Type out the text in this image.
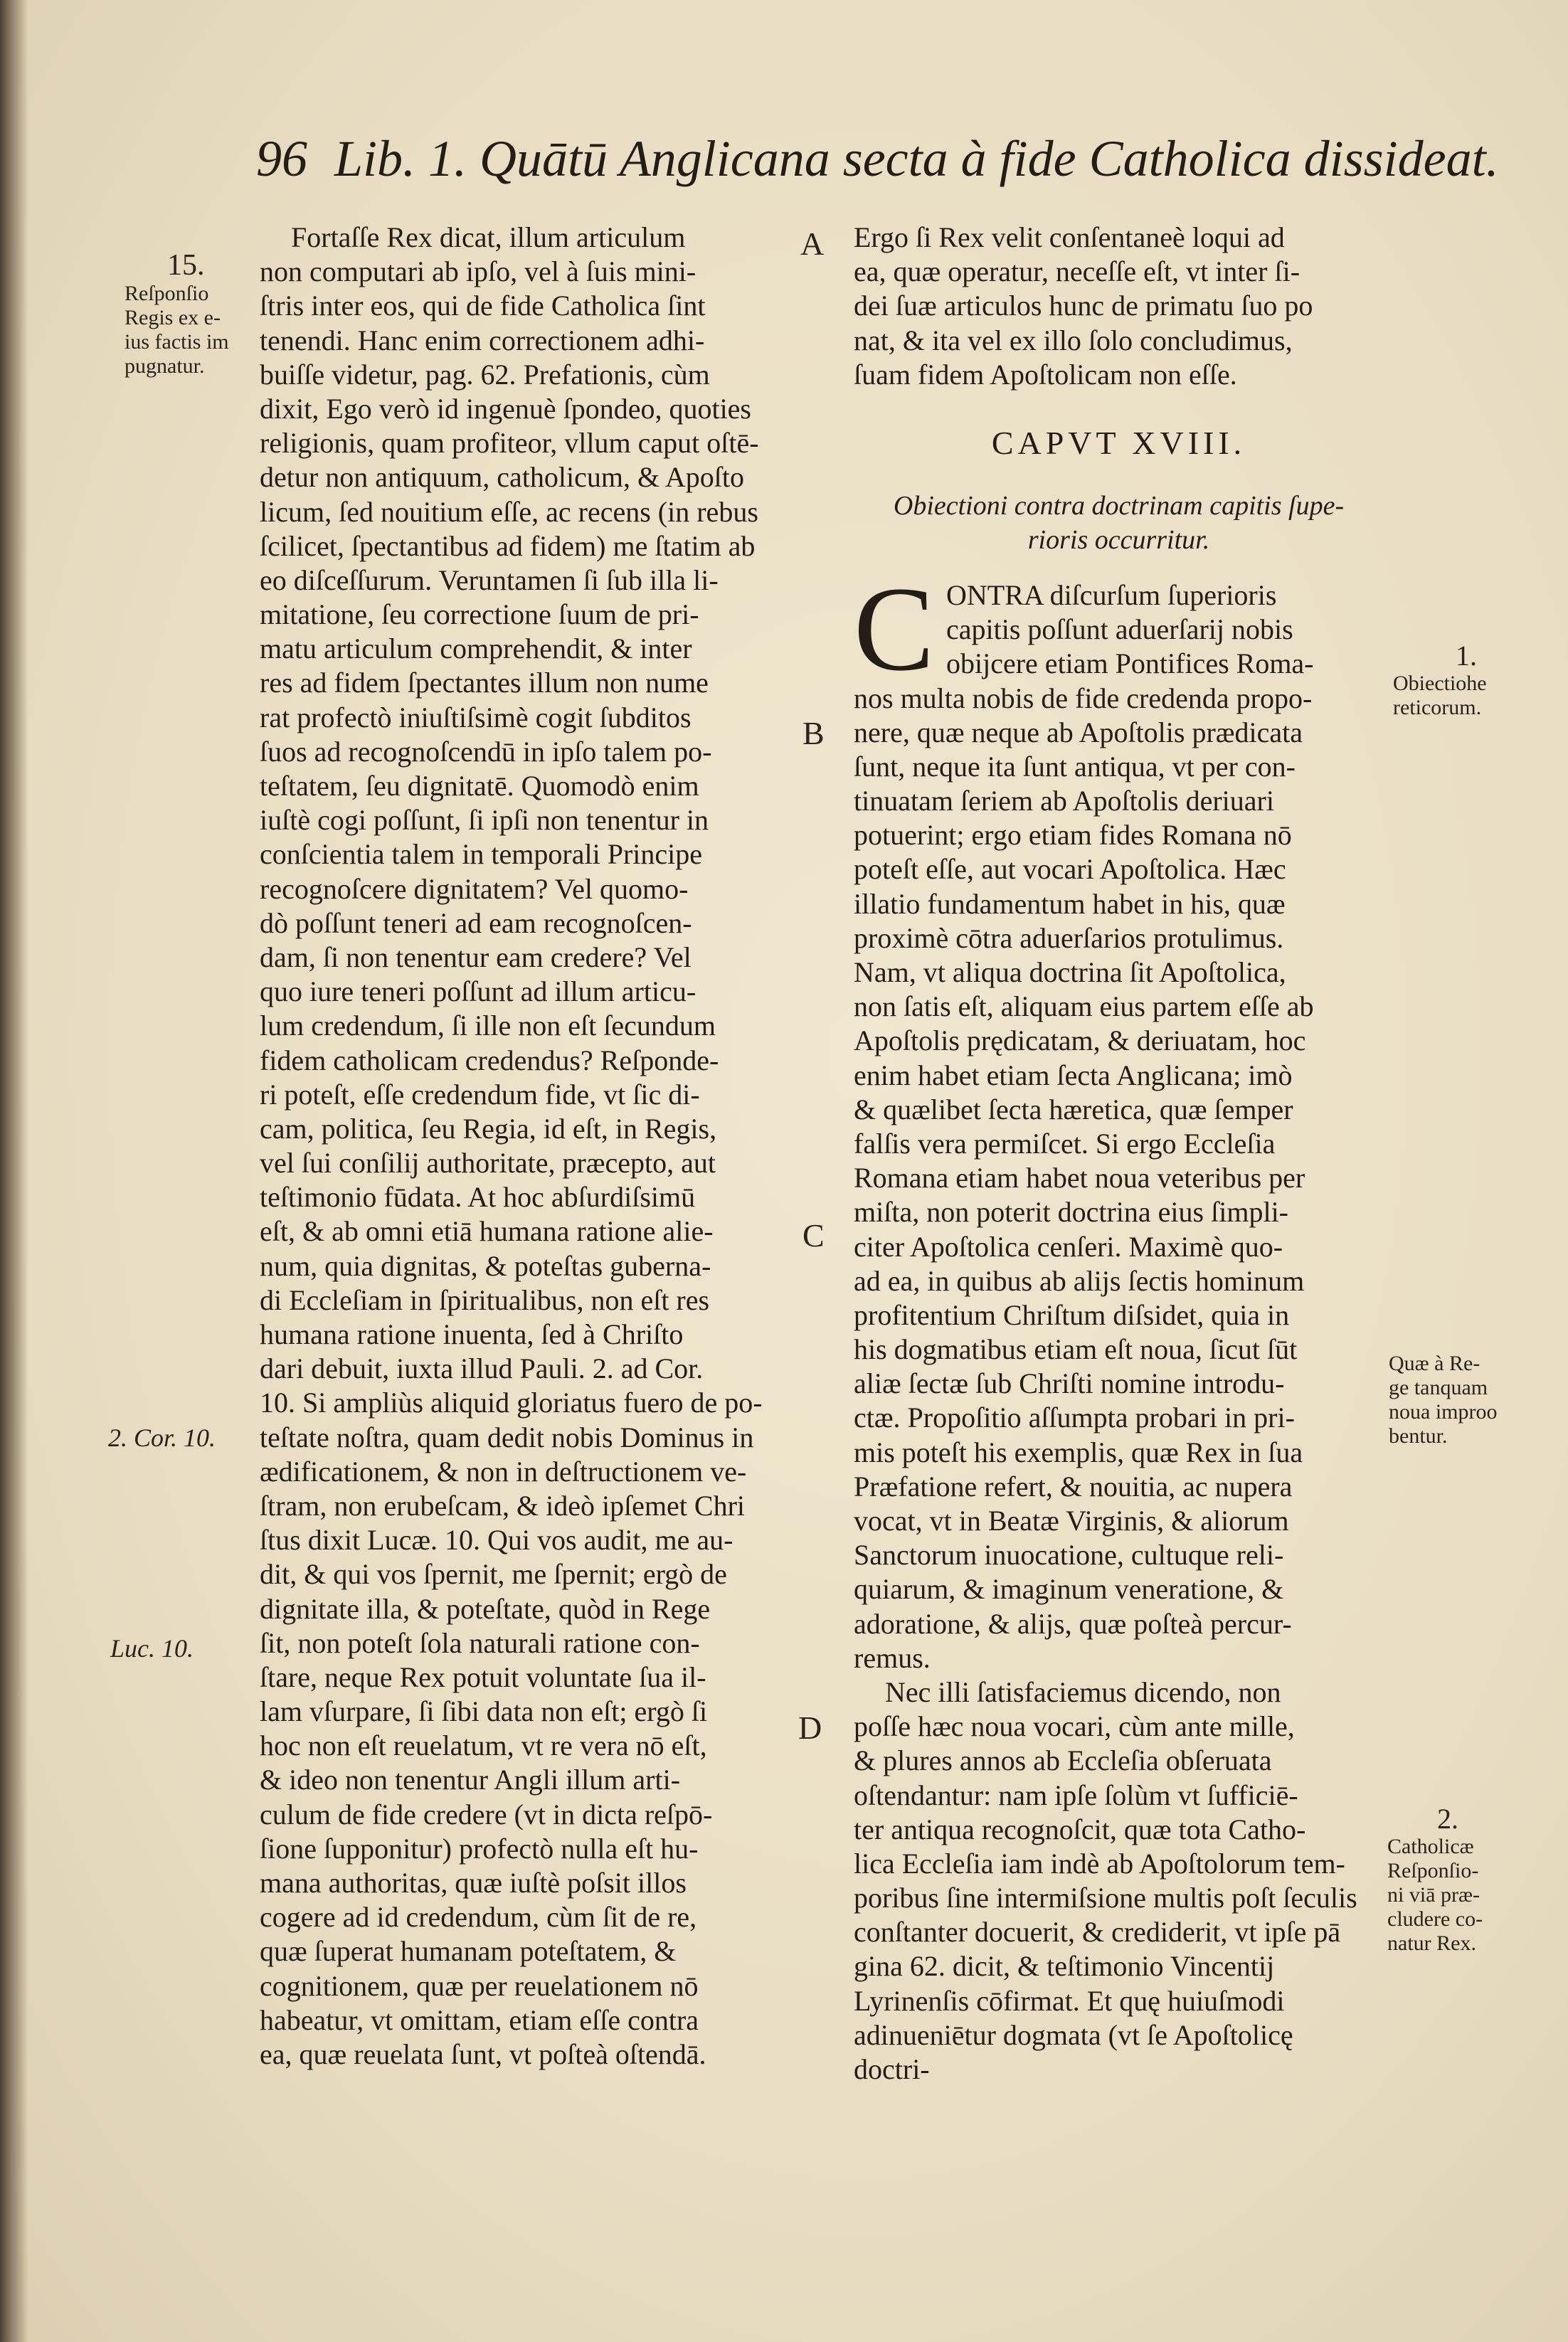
96 Lib. 1. Quātū Anglicana secta à fide Catholica dissideat.
A
B
C
D
15.
Reſponſio
Regis ex e-
ius factis im
pugnatur.
2. Cor. 10.
Luc. 10.
1.
Obiectiohe
reticorum.
Quæ à Re-
ge tanquam
noua improo
bentur.
2.
Catholicæ
Reſponſio-
ni viā præ-
cludere co-
natur Rex.
Fortaſſe Rex dicat, illum articulum
non computari ab ipſo, vel à ſuis mini-
ſtris inter eos, qui de fide Catholica ſint
tenendi. Hanc enim correctionem adhi-
buiſſe videtur, pag. 62. Prefationis, cùm
dixit, Ego verò id ingenuè ſpondeo, quoties
religionis, quam profiteor, vllum caput oſtē-
detur non antiquum, catholicum, & Apoſto
licum, ſed nouitium eſſe, ac recens (in rebus
ſcilicet, ſpectantibus ad fidem) me ſtatim ab
eo diſceſſurum. Veruntamen ſi ſub illa li-
mitatione, ſeu correctione ſuum de pri-
matu articulum comprehendit, & inter
res ad fidem ſpectantes illum non nume
rat profectò iniuſtiſsimè cogit ſubditos
ſuos ad recognoſcendū in ipſo talem po-
teſtatem, ſeu dignitatē. Quomodò enim
iuſtè cogi poſſunt, ſi ipſi non tenentur in
conſcientia talem in temporali Principe
recognoſcere dignitatem? Vel quomo-
dò poſſunt teneri ad eam recognoſcen-
dam, ſi non tenentur eam credere? Vel
quo iure teneri poſſunt ad illum articu-
lum credendum, ſi ille non eſt ſecundum
fidem catholicam credendus? Reſponde-
ri poteſt, eſſe credendum fide, vt ſic di-
cam, politica, ſeu Regia, id eſt, in Regis,
vel ſui conſilij authoritate, præcepto, aut
teſtimonio fūdata. At hoc abſurdiſsimū
eſt, & ab omni etiā humana ratione alie-
num, quia dignitas, & poteſtas guberna-
di Eccleſiam in ſpiritualibus, non eſt res
humana ratione inuenta, ſed à Chriſto
dari debuit, iuxta illud Pauli. 2. ad Cor.
10. Si ampliùs aliquid gloriatus fuero de po-
teſtate noſtra, quam dedit nobis Dominus in
ædificationem, & non in deſtructionem ve-
ſtram, non erubeſcam, & ideò ipſemet Chri
ſtus dixit Lucæ. 10. Qui vos audit, me au-
dit, & qui vos ſpernit, me ſpernit; ergò de
dignitate illa, & poteſtate, quòd in Rege
ſit, non poteſt ſola naturali ratione con-
ſtare, neque Rex potuit voluntate ſua il-
lam vſurpare, ſi ſibi data non eſt; ergò ſi
hoc non eſt reuelatum, vt re vera nō eſt,
& ideo non tenentur Angli illum arti-
culum de fide credere (vt in dicta reſpō-
ſione ſupponitur) profectò nulla eſt hu-
mana authoritas, quæ iuſtè poſsit illos
cogere ad id credendum, cùm ſit de re,
quæ ſuperat humanam poteſtatem, &
cognitionem, quæ per reuelationem nō
habeatur, vt omittam, etiam eſſe contra
ea, quæ reuelata ſunt, vt poſteà oſtendā.
Ergo ſi Rex velit conſentaneè loqui ad
ea, quæ operatur, neceſſe eſt, vt inter ſi-
dei ſuæ articulos hunc de primatu ſuo po
nat, & ita vel ex illo ſolo concludimus,
ſuam fidem Apoſtolicam non eſſe.
CAPVT XVIII.
Obiectioni contra doctrinam capitis ſupe-
rioris occurritur.
C ONTRA diſcurſum ſuperioris
capitis poſſunt aduerſarij nobis
obijcere etiam Pontifices Roma-
nos multa nobis de fide credenda propo-
nere, quæ neque ab Apoſtolis prædicata
ſunt, neque ita ſunt antiqua, vt per con-
tinuatam ſeriem ab Apoſtolis deriuari
potuerint; ergo etiam fides Romana nō
poteſt eſſe, aut vocari Apoſtolica. Hæc
illatio fundamentum habet in his, quæ
proximè cōtra aduerſarios protulimus.
Nam, vt aliqua doctrina ſit Apoſtolica,
non ſatis eſt, aliquam eius partem eſſe ab
Apoſtolis prędicatam, & deriuatam, hoc
enim habet etiam ſecta Anglicana; imò
& quælibet ſecta hæretica, quæ ſemper
falſis vera permiſcet. Si ergo Eccleſia
Romana etiam habet noua veteribus per
miſta, non poterit doctrina eius ſimpli-
citer Apoſtolica cenſeri. Maximè quo-
ad ea, in quibus ab alijs ſectis hominum
profitentium Chriſtum diſsidet, quia in
his dogmatibus etiam eſt noua, ſicut ſūt
aliæ ſectæ ſub Chriſti nomine introdu-
ctæ. Propoſitio aſſumpta probari in pri-
mis poteſt his exemplis, quæ Rex in ſua
Præfatione refert, & nouitia, ac nupera
vocat, vt in Beatæ Virginis, & aliorum
Sanctorum inuocatione, cultuque reli-
quiarum, & imaginum veneratione, &
adoratione, & alijs, quæ poſteà percur-
remus.
Nec illi ſatisfaciemus dicendo, non
poſſe hæc noua vocari, cùm ante mille,
& plures annos ab Eccleſia obſeruata
oſtendantur: nam ipſe ſolùm vt ſufficiē-
ter antiqua recognoſcit, quæ tota Catho-
lica Eccleſia iam indè ab Apoſtolorum tem-
poribus ſine intermiſsione multis poſt ſeculis
conſtanter docuerit, & crediderit, vt ipſe pā
gina 62. dicit, & teſtimonio Vincentij
Lyrinenſis cōfirmat. Et quę huiuſmodi
adinueniētur dogmata (vt ſe Apoſtolicę
doctri-
